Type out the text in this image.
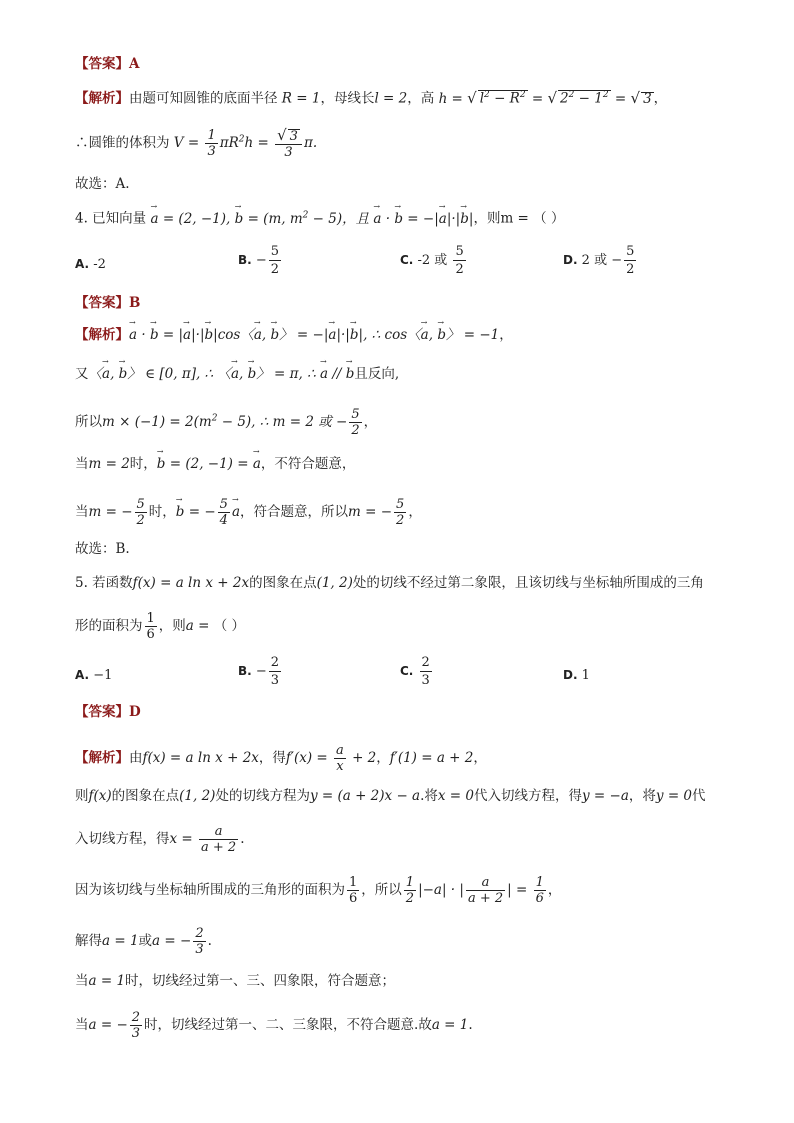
【答案】A
【解析】由题可知圆锥的底面半径 R = 1，母线长l = 2，高 h = √ $l^2 - R^2$ = √ $2^2 - 1^2$ = √ 3 ，
∴圆锥的体积为 $V = \frac{1}{3} \pi R^2h = \frac{√ 3}{3} \pi$.
故选：A.
4. 已知向量 → a = (2, −1), → b = (m, $m^2 - 5$)，且 → a · → b = −|→ a|·|→ b|，则m = （ ）
A. -2	B. − $\frac{5}{2}$	C. -2 或 $\frac{5}{2}$	D. 2 或 − $\frac{5}{2}$
【答案】B
【解析】→ a · → b = |→ a|·|→ b|cos〈→ a, → b〉 = −|→ a|·|→ b|, ∴ cos〈→ a, → b〉 = −1，
又〈→ a, → b〉 ∈ [0, π], ∴ 〈→ a, → b〉 = π, ∴ → a // → b且反向,
所以$m \times (-1) = 2(m^2 - 5)$, ∴ m = 2 或 − $\frac{5}{2}$ ，
当m = 2时，→ b = (2, −1) = → a，不符合题意，
当m = − $\frac{5}{2}$ 时，→ b = − $\frac{5}{4}$
→ a，符合题意，所以m = − $\frac{5}{2}$ ，
故选：B.
5. 若函数f(x) = a ln x + 2x的图象在点(1, 2)处的切线不经过第二象限，且该切线与坐标轴所围成的三角
形的面积为 $\frac{1}{6}$ ，则a = （ ）
A. −1	B. − $\frac{2}{3}$	C. $\frac{2}{3}$	D. 1
【答案】D
【解析】由f(x) = a ln x + 2x，得$f'(x) = \frac{a}{x} + 2$，f′(1) = a + 2，
则f(x)的图象在点(1, 2)处的切线方程为y = (a + 2)x − a.将x = 0代入切线方程，得y = −a，将y = 0代
入切线方程，得$x = \frac{a}{a + 2}$ .
因为该切线与坐标轴所围成的三角形的面积为 $\frac{1}{6}$ ，所以 $\frac{1}{2} |-a|$ · | $\frac{a}{a + 2}$ | = $\frac{1}{6}$ ，
解得a = 1或a = − $\frac{2}{3}$ .
当a = 1时，切线经过第一、三、四象限，符合题意；
当a = − $\frac{2}{3}$ 时，切线经过第一、二、三象限，不符合题意.故a = 1.
